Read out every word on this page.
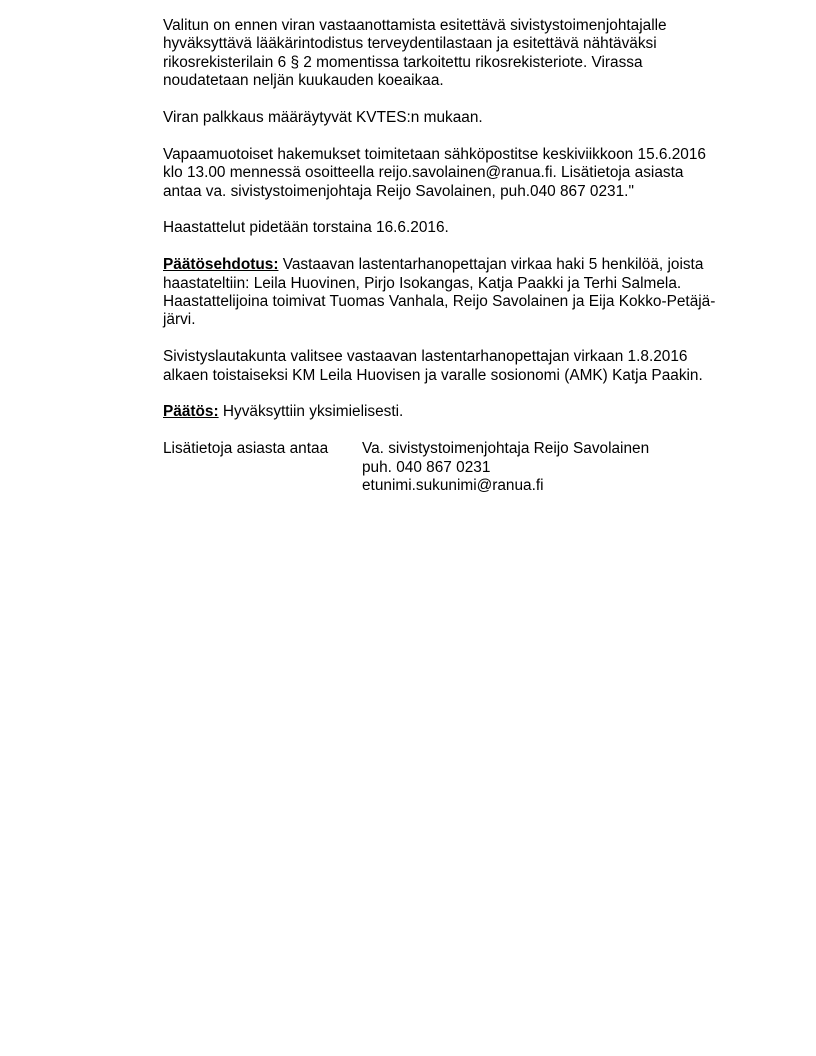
Valitun on ennen viran vastaanottamista esitettävä sivistystoimenjohtajalle
hyväksyttävä lääkärintodistus terveydentilastaan ja esitettävä nähtäväksi
rikosrekisterilain 6 § 2 momentissa tarkoitettu rikosrekisteriote. Virassa
noudatetaan neljän kuukauden koeaikaa.

Viran palkkaus määräytyvät KVTES:n mukaan.

Vapaamuotoiset hakemukset toimitetaan sähköpostitse keskiviikkoon 15.6.2016
klo 13.00 mennessä osoitteella reijo.savolainen@ranua.fi. Lisätietoja asiasta
antaa va. sivistystoimenjohtaja Reijo Savolainen, puh.040 867 0231."

Haastattelut pidetään torstaina 16.6.2016.

Päätösehdotus: Vastaavan lastentarhanopettajan virkaa haki 5 henkilöä, joista
haastateltiin: Leila Huovinen, Pirjo Isokangas, Katja Paakki ja Terhi Salmela.
Haastattelijoina toimivat Tuomas Vanhala, Reijo Savolainen ja Eija Kokko-Petäjä-
järvi.

Sivistyslautakunta valitsee vastaavan lastentarhanopettajan virkaan 1.8.2016
alkaen toistaiseksi KM Leila Huovisen ja varalle sosionomi (AMK) Katja Paakin.

Päätös: Hyväksyttiin yksimielisesti.

Lisätietoja asiasta antaa	Va. sivistystoimenjohtaja Reijo Savolainen
puh. 040 867 0231
etunimi.sukunimi@ranua.fi
